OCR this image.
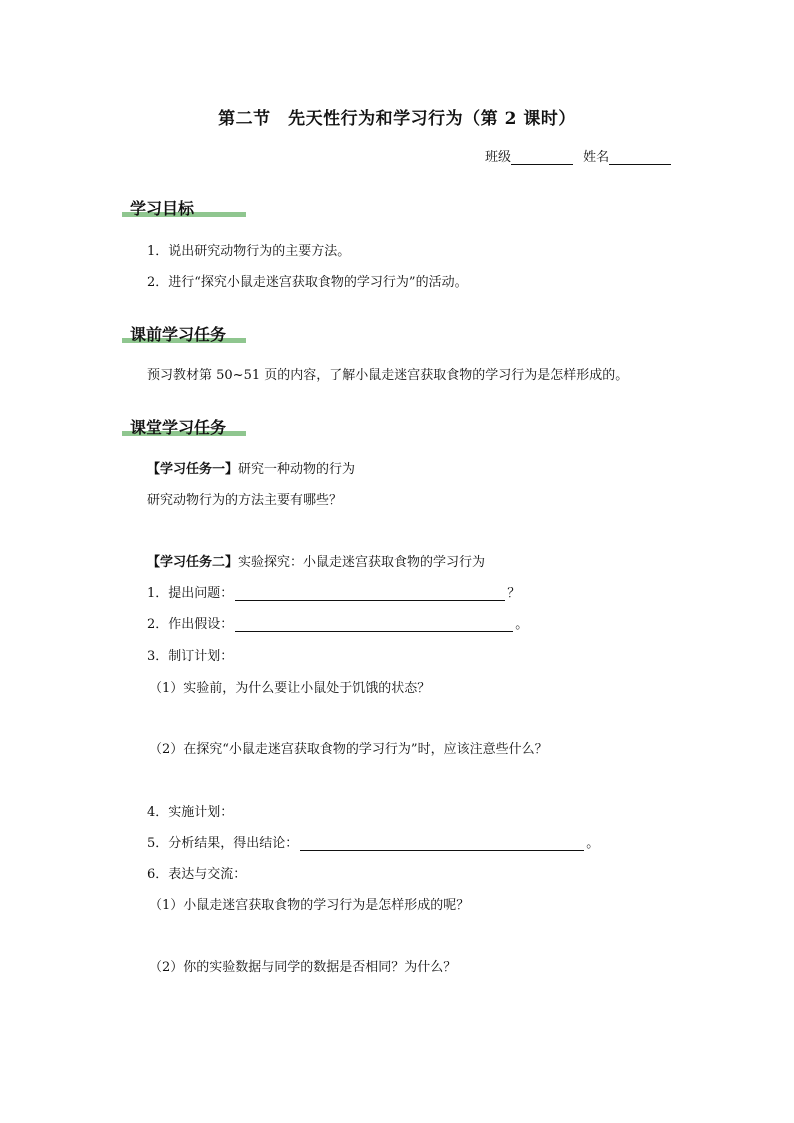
第二节　先天性行为和学习行为（第 2 课时）
班级	姓名
学习目标
1．说出研究动物行为的主要方法。
2．进行“探究小鼠走迷宫获取食物的学习行为”的活动。
课前学习任务
预习教材第 50~51 页的内容，了解小鼠走迷宫获取食物的学习行为是怎样形成的。
课堂学习任务
【学习任务一】研究一种动物的行为
研究动物行为的方法主要有哪些？
【学习任务二】实验探究：小鼠走迷宫获取食物的学习行为
1．提出问题：	？
2．作出假设：	。
3．制订计划：
（1）实验前，为什么要让小鼠处于饥饿的状态？
（2）在探究“小鼠走迷宫获取食物的学习行为”时，应该注意些什么？
4．实施计划：
5．分析结果，得出结论：	。
6．表达与交流：
（1）小鼠走迷宫获取食物的学习行为是怎样形成的呢？
（2）你的实验数据与同学的数据是否相同？为什么？
